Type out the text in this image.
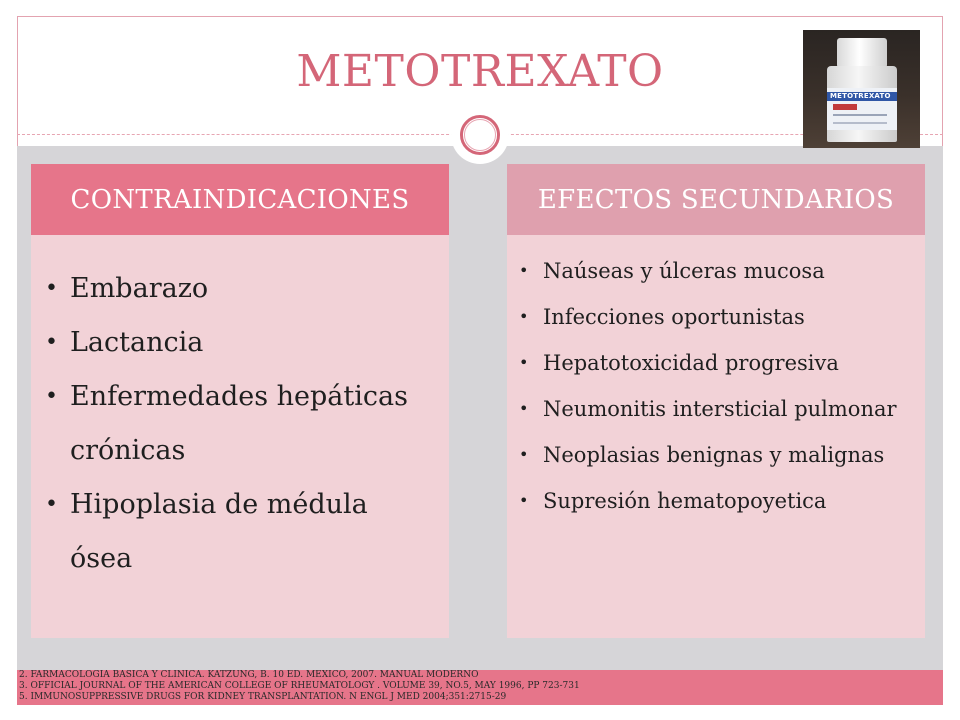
METOTREXATO	METOTREXATO
CONTRAINDICACIONES
• Embarazo
• Lactancia
• Enfermedades hepáticas crónicas
• Hipoplasia de médula ósea
EFECTOS SECUNDARIOS
• Naúseas y úlceras mucosa
• Infecciones oportunistas
• Hepatotoxicidad progresiva
• Neumonitis intersticial pulmonar
• Neoplasias benignas y malignas
• Supresión hematopoyetica
2. FARMACOLOGÍA BASICA Y CLÍNICA. KATZUNG, B. 10 ED. MÉXICO, 2007. MANUAL MODERNO
3. OFFICIAL JOURNAL OF THE AMERICAN COLLEGE OF RHEUMATOLOGY . VOLUME 39, NO.5, MAY 1996, PP 723-731
5. IMMUNOSUPPRESSIVE DRUGS FOR KIDNEY TRANSPLANTATION. N ENGL J MED 2004;351:2715-29
